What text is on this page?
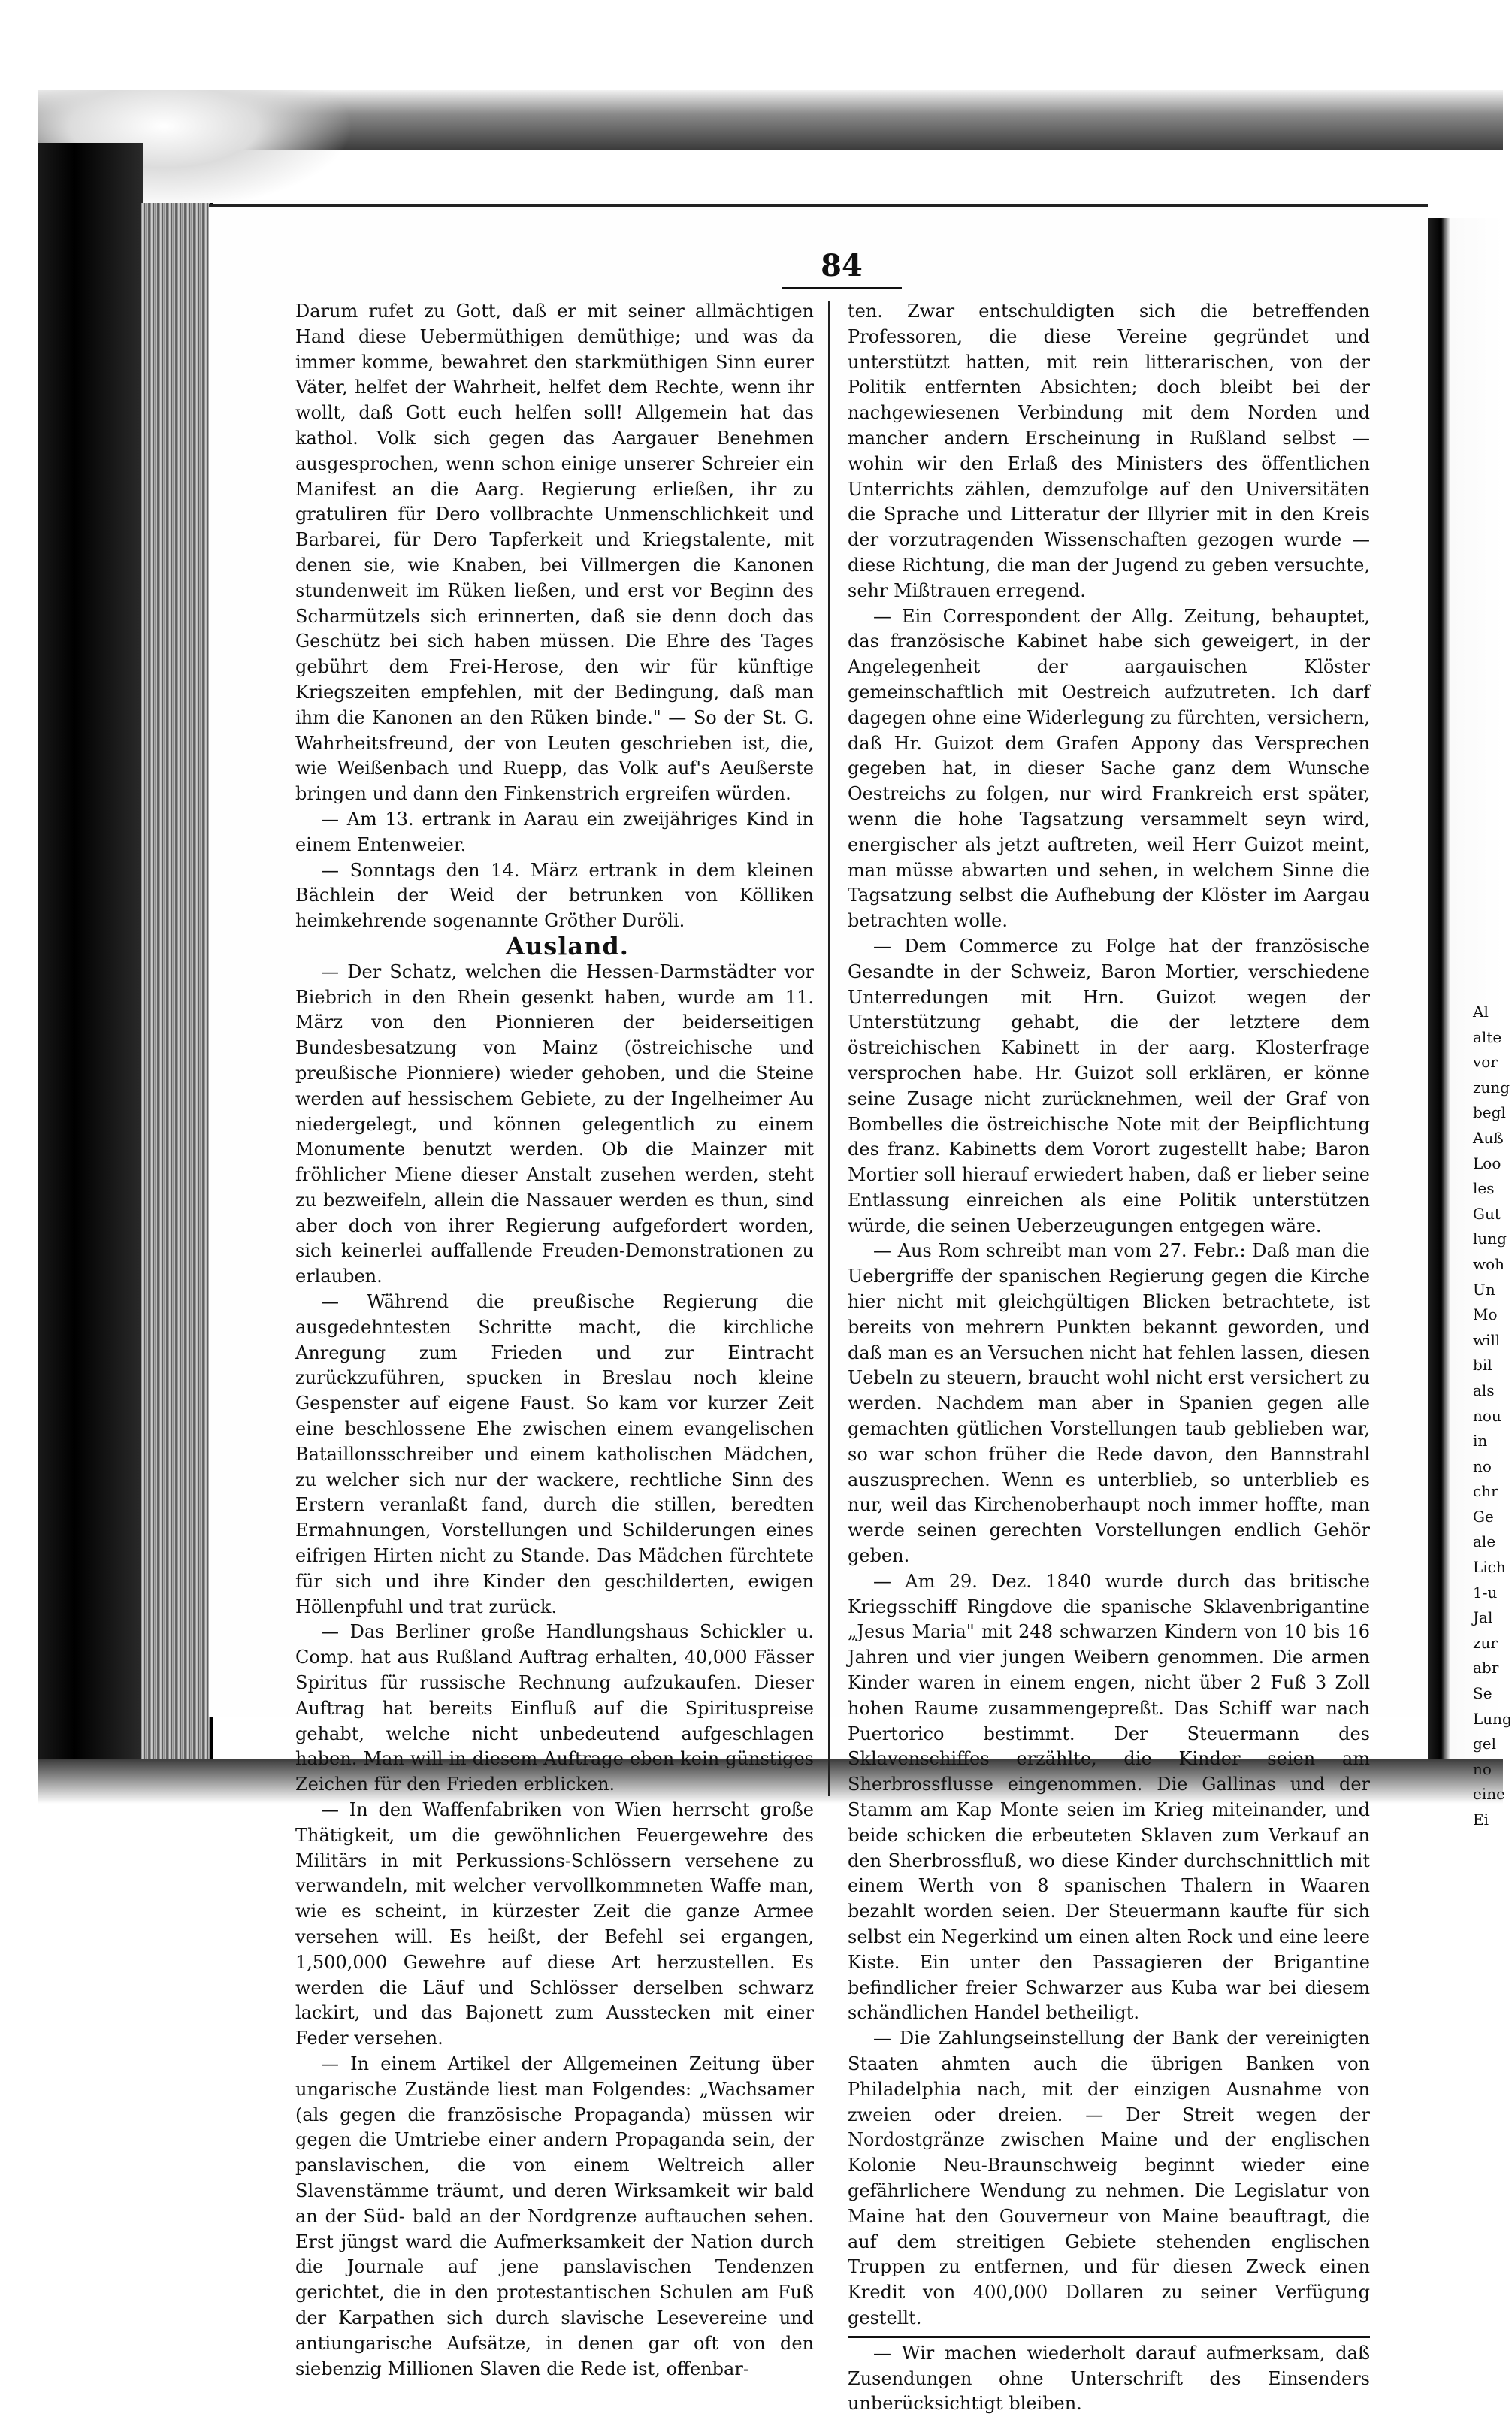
84

Darum rufet zu Gott, daß er mit seiner allmächtigen Hand diese Uebermüthigen demüthige; und was da immer komme, bewahret den starkmüthigen Sinn eurer Väter, helfet der Wahrheit, helfet dem Rechte, wenn ihr wollt, daß Gott euch helfen soll! Allgemein hat das kathol. Volk sich gegen das Aargauer Benehmen ausgesprochen, wenn schon einige unserer Schreier ein Manifest an die Aarg. Regierung erließen, ihr zu gratuliren für Dero vollbrachte Unmenschlichkeit und Barbarei, für Dero Tapferkeit und Kriegstalente, mit denen sie, wie Knaben, bei Villmergen die Kanonen stundenweit im Rüken ließen, und erst vor Beginn des Scharmützels sich erinnerten, daß sie denn doch das Geschütz bei sich haben müssen. Die Ehre des Tages gebührt dem Frei-Herose, den wir für künftige Kriegszeiten empfehlen, mit der Bedingung, daß man ihm die Kanonen an den Rüken binde." — So der St. G. Wahrheitsfreund, der von Leuten geschrieben ist, die, wie Weißenbach und Ruepp, das Volk auf's Aeußerste bringen und dann den Finkenstrich ergreifen würden.

— Am 13. ertrank in Aarau ein zweijähriges Kind in einem Entenweier.

— Sonntags den 14. März ertrank in dem kleinen Bächlein der Weid der betrunken von Kölliken heimkehrende sogenannte Gröther Duröli.

Ausland.

— Der Schatz, welchen die Hessen-Darmstädter vor Biebrich in den Rhein gesenkt haben, wurde am 11. März von den Pionnieren der beiderseitigen Bundesbesatzung von Mainz (östreichische und preußische Pionniere) wieder gehoben, und die Steine werden auf hessischem Gebiete, zu der Ingelheimer Au niedergelegt, und können gelegentlich zu einem Monumente benutzt werden. Ob die Mainzer mit fröhlicher Miene dieser Anstalt zusehen werden, steht zu bezweifeln, allein die Nassauer werden es thun, sind aber doch von ihrer Regierung aufgefordert worden, sich keinerlei auffallende Freuden-Demonstrationen zu erlauben.

— Während die preußische Regierung die ausgedehntesten Schritte macht, die kirchliche Anregung zum Frieden und zur Eintracht zurückzuführen, spucken in Breslau noch kleine Gespenster auf eigene Faust. So kam vor kurzer Zeit eine beschlossene Ehe zwischen einem evangelischen Bataillonsschreiber und einem katholischen Mädchen, zu welcher sich nur der wackere, rechtliche Sinn des Erstern veranlaßt fand, durch die stillen, beredten Ermahnungen, Vorstellungen und Schilderungen eines eifrigen Hirten nicht zu Stande. Das Mädchen fürchtete für sich und ihre Kinder den geschilderten, ewigen Höllenpfuhl und trat zurück.

— Das Berliner große Handlungshaus Schickler u. Comp. hat aus Rußland Auftrag erhalten, 40,000 Fässer Spiritus für russische Rechnung aufzukaufen. Dieser Auftrag hat bereits Einfluß auf die Spirituspreise gehabt, welche nicht unbedeutend aufgeschlagen haben. Man will in diesem Auftrage eben kein günstiges Zeichen für den Frieden erblicken.

— In den Waffenfabriken von Wien herrscht große Thätigkeit, um die gewöhnlichen Feuergewehre des Militärs in mit Perkussions-Schlössern versehene zu verwandeln, mit welcher vervollkommneten Waffe man, wie es scheint, in kürzester Zeit die ganze Armee versehen will. Es heißt, der Befehl sei ergangen, 1,500,000 Gewehre auf diese Art herzustellen. Es werden die Läuf und Schlösser derselben schwarz lackirt, und das Bajonett zum Ausstecken mit einer Feder versehen.

— In einem Artikel der Allgemeinen Zeitung über ungarische Zustände liest man Folgendes: „Wachsamer (als gegen die französische Propaganda) müssen wir gegen die Umtriebe einer andern Propaganda sein, der panslavischen, die von einem Weltreich aller Slavenstämme träumt, und deren Wirksamkeit wir bald an der Süd- bald an der Nordgrenze auftauchen sehen. Erst jüngst ward die Aufmerksamkeit der Nation durch die Journale auf jene panslavischen Tendenzen gerichtet, die in den protestantischen Schulen am Fuß der Karpathen sich durch slavische Lesevereine und antiungarische Aufsätze, in denen gar oft von den siebenzig Millionen Slaven die Rede ist, offenbar-

ten. Zwar entschuldigten sich die betreffenden Professoren, die diese Vereine gegründet und unterstützt hatten, mit rein litterarischen, von der Politik entfernten Absichten; doch bleibt bei der nachgewiesenen Verbindung mit dem Norden und mancher andern Erscheinung in Rußland selbst — wohin wir den Erlaß des Ministers des öffentlichen Unterrichts zählen, demzufolge auf den Universitäten die Sprache und Litteratur der Illyrier mit in den Kreis der vorzutragenden Wissenschaften gezogen wurde — diese Richtung, die man der Jugend zu geben versuchte, sehr Mißtrauen erregend.

— Ein Correspondent der Allg. Zeitung, behauptet, das französische Kabinet habe sich geweigert, in der Angelegenheit der aargauischen Klöster gemeinschaftlich mit Oestreich aufzutreten. Ich darf dagegen ohne eine Widerlegung zu fürchten, versichern, daß Hr. Guizot dem Grafen Appony das Versprechen gegeben hat, in dieser Sache ganz dem Wunsche Oestreichs zu folgen, nur wird Frankreich erst später, wenn die hohe Tagsatzung versammelt seyn wird, energischer als jetzt auftreten, weil Herr Guizot meint, man müsse abwarten und sehen, in welchem Sinne die Tagsatzung selbst die Aufhebung der Klöster im Aargau betrachten wolle.

— Dem Commerce zu Folge hat der französische Gesandte in der Schweiz, Baron Mortier, verschiedene Unterredungen mit Hrn. Guizot wegen der Unterstützung gehabt, die der letztere dem östreichischen Kabinett in der aarg. Klosterfrage versprochen habe. Hr. Guizot soll erklären, er könne seine Zusage nicht zurücknehmen, weil der Graf von Bombelles die östreichische Note mit der Beipflichtung des franz. Kabinetts dem Vorort zugestellt habe; Baron Mortier soll hierauf erwiedert haben, daß er lieber seine Entlassung einreichen als eine Politik unterstützen würde, die seinen Ueberzeugungen entgegen wäre.

— Aus Rom schreibt man vom 27. Febr.: Daß man die Uebergriffe der spanischen Regierung gegen die Kirche hier nicht mit gleichgültigen Blicken betrachtete, ist bereits von mehrern Punkten bekannt geworden, und daß man es an Versuchen nicht hat fehlen lassen, diesen Uebeln zu steuern, braucht wohl nicht erst versichert zu werden. Nachdem man aber in Spanien gegen alle gemachten gütlichen Vorstellungen taub geblieben war, so war schon früher die Rede davon, den Bannstrahl auszusprechen. Wenn es unterblieb, so unterblieb es nur, weil das Kirchenoberhaupt noch immer hoffte, man werde seinen gerechten Vorstellungen endlich Gehör geben.

— Am 29. Dez. 1840 wurde durch das britische Kriegsschiff Ringdove die spanische Sklavenbrigantine „Jesus Maria" mit 248 schwarzen Kindern von 10 bis 16 Jahren und vier jungen Weibern genommen. Die armen Kinder waren in einem engen, nicht über 2 Fuß 3 Zoll hohen Raume zusammengepreßt. Das Schiff war nach Puertorico bestimmt. Der Steuermann des Sklavenschiffes erzählte, die Kinder seien am Sherbrossflusse eingenommen. Die Gallinas und der Stamm am Kap Monte seien im Krieg miteinander, und beide schicken die erbeuteten Sklaven zum Verkauf an den Sherbrossfluß, wo diese Kinder durchschnittlich mit einem Werth von 8 spanischen Thalern in Waaren bezahlt worden seien. Der Steuermann kaufte für sich selbst ein Negerkind um einen alten Rock und eine leere Kiste. Ein unter den Passagieren der Brigantine befindlicher freier Schwarzer aus Kuba war bei diesem schändlichen Handel betheiligt.

— Die Zahlungseinstellung der Bank der vereinigten Staaten ahmten auch die übrigen Banken von Philadelphia nach, mit der einzigen Ausnahme von zweien oder dreien. — Der Streit wegen der Nordostgränze zwischen Maine und der englischen Kolonie Neu-Braunschweig beginnt wieder eine gefährlichere Wendung zu nehmen. Die Legislatur von Maine hat den Gouverneur von Maine beauftragt, die auf dem streitigen Gebiete stehenden englischen Truppen zu entfernen, und für diesen Zweck einen Kredit von 400,000 Dollaren zu seiner Verfügung gestellt.

— Wir machen wiederholt darauf aufmerksam, daß Zusendungen ohne Unterschrift des Einsenders unberücksichtigt bleiben.

Al
alte
vor
zung
begl
Auß
Loo
les
Gut
lung
woh
Un
Mo
will
bil
als
nou
in
no
chr
Ge
ale
Lich
1-u
Jal
zur
abr
Se
Lung
gel
no
eine
Ei
